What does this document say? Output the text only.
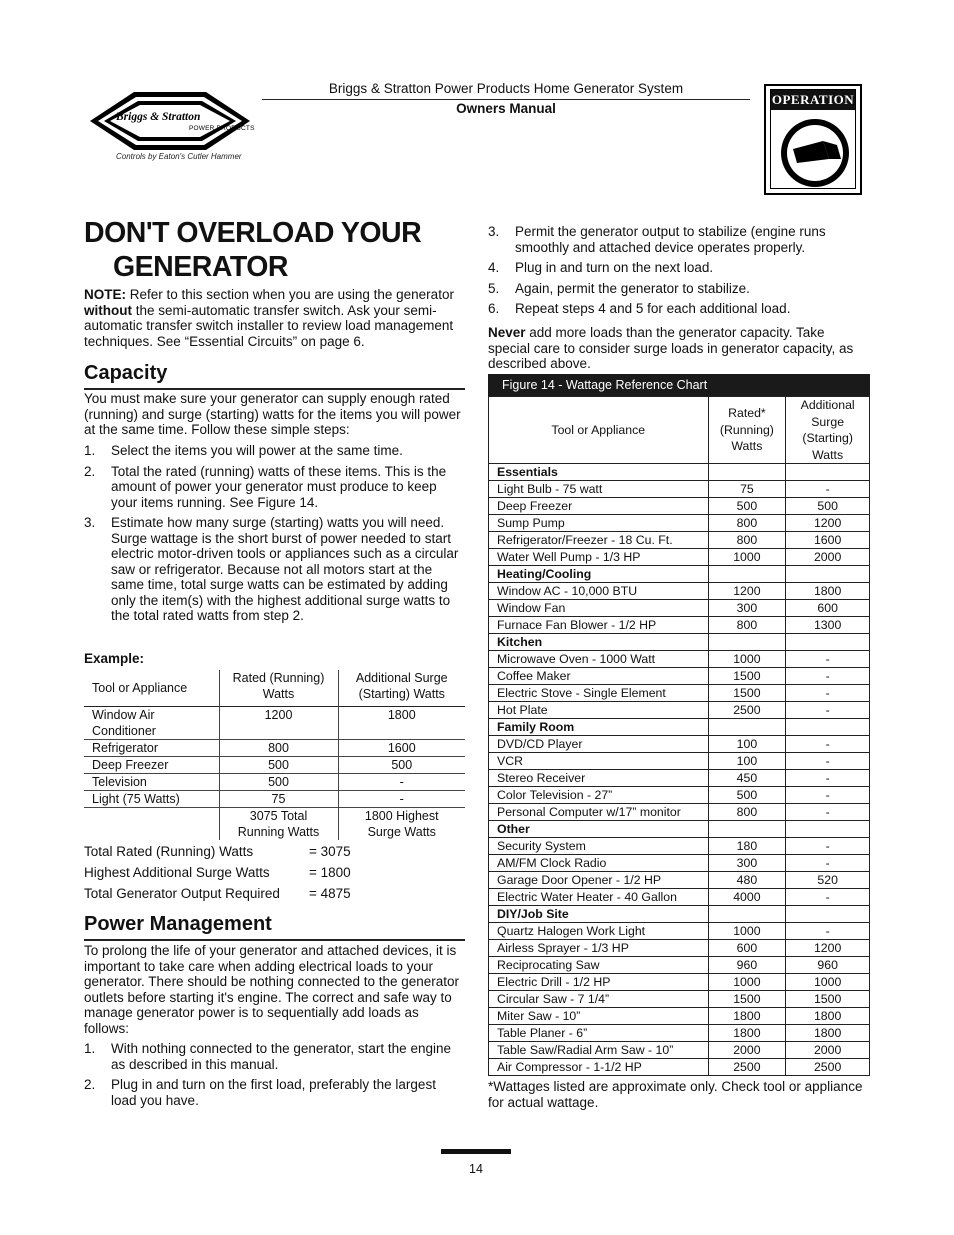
Briggs & Stratton Power Products Home Generator System
Owners Manual
Briggs & Stratton
POWER PRODUCTS
Controls by Eaton's Cutler Hammer
OPERATION
DON'T OVERLOAD YOUR
GENERATOR
NOTE: Refer to this section when you are using the generator without the semi-automatic transfer switch. Ask your semi-automatic transfer switch installer to review load management techniques. See “Essential Circuits” on page 6.
Capacity
You must make sure your generator can supply enough rated (running) and surge (starting) watts for the items you will power at the same time. Follow these simple steps:
1. Select the items you will power at the same time.
2. Total the rated (running) watts of these items. This is the amount of power your generator must produce to keep your items running. See Figure 14.
3. Estimate how many surge (starting) watts you will need. Surge wattage is the short burst of power needed to start electric motor-driven tools or appliances such as a circular saw or refrigerator. Because not all motors start at the same time, total surge watts can be estimated by adding only the item(s) with the highest additional surge watts to the total rated watts from step 2.
Example:
Tool or Appliance	Rated (Running) Watts	Additional Surge (Starting) Watts
Window Air Conditioner	1200	1800
Refrigerator	800	1600
Deep Freezer	500	500
Television	500	-
Light (75 Watts)	75	-
	3075 Total Running Watts	1800 Highest Surge Watts
Total Rated (Running) Watts	= 3075
Highest Additional Surge Watts	= 1800
Total Generator Output Required = 4875
Power Management
To prolong the life of your generator and attached devices, it is important to take care when adding electrical loads to your generator. There should be nothing connected to the generator outlets before starting it's engine. The correct and safe way to manage generator power is to sequentially add loads as follows:
1. With nothing connected to the generator, start the engine as described in this manual.
2. Plug in and turn on the first load, preferably the largest load you have.
3. Permit the generator output to stabilize (engine runs smoothly and attached device operates properly.
4. Plug in and turn on the next load.
5. Again, permit the generator to stabilize.
6. Repeat steps 4 and 5 for each additional load.
Never add more loads than the generator capacity. Take special care to consider surge loads in generator capacity, as described above.
Figure 14 - Wattage Reference Chart
Tool or Appliance	Rated* (Running) Watts	Additional Surge (Starting) Watts
Essentials		
Light Bulb - 75 watt	75	-
Deep Freezer	500	500
Sump Pump	800	1200
Refrigerator/Freezer - 18 Cu. Ft.	800	1600
Water Well Pump - 1/3 HP	1000	2000
Heating/Cooling		
Window AC - 10,000 BTU	1200	1800
Window Fan	300	600
Furnace Fan Blower - 1/2 HP	800	1300
Kitchen		
Microwave Oven - 1000 Watt	1000	-
Coffee Maker	1500	-
Electric Stove - Single Element	1500	-
Hot Plate	2500	-
Family Room		
DVD/CD Player	100	-
VCR	100	-
Stereo Receiver	450	-
Color Television - 27”	500	-
Personal Computer w/17” monitor	800	-
Other		
Security System	180	-
AM/FM Clock Radio	300	-
Garage Door Opener - 1/2 HP	480	520
Electric Water Heater - 40 Gallon	4000	-
DIY/Job Site		
Quartz Halogen Work Light	1000	-
Airless Sprayer - 1/3 HP	600	1200
Reciprocating Saw	960	960
Electric Drill - 1/2 HP	1000	1000
Circular Saw - 7 1/4”	1500	1500
Miter Saw - 10”	1800	1800
Table Planer - 6”	1800	1800
Table Saw/Radial Arm Saw - 10”	2000	2000
Air Compressor - 1-1/2 HP	2500	2500
*Wattages listed are approximate only. Check tool or appliance for actual wattage.
14
